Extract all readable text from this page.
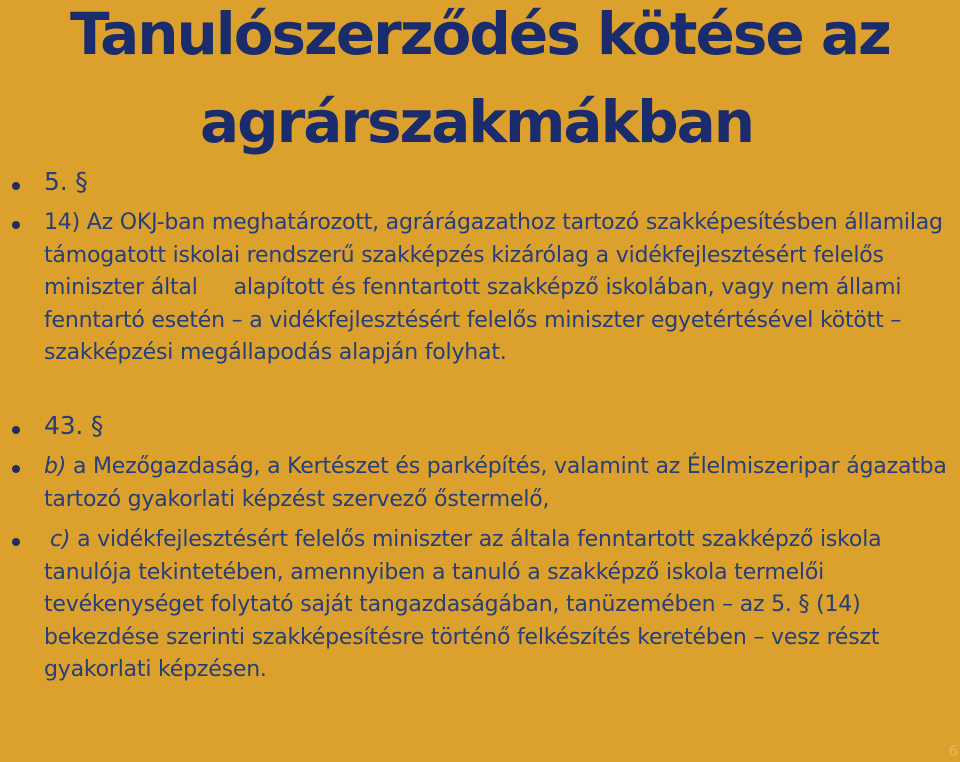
Tanulószerződés kötése az
agrárszakmákban
5. §
14) Az OKJ-ban meghatározott, agrárágazathoz tartozó szakképesítésben államilag támogatott iskolai rendszerű szakképzés kizárólag a vidékfejlesztésért felelős miniszter által alapított és fenntartott szakképző iskolában, vagy nem állami fenntartó esetén – a vidékfejlesztésért felelős miniszter egyetértésével kötött – szakképzési megállapodás alapján folyhat.
43. §
b) a Mezőgazdaság, a Kertészet és parképítés, valamint az Élelmiszeripar ágazatba tartozó gyakorlati képzést szervező őstermelő,
c) a vidékfejlesztésért felelős miniszter az általa fenntartott szakképző iskola tanulója tekintetében, amennyiben a tanuló a szakképző iskola termelői tevékenységet folytató saját tangazdaságában, tanüzemében – az 5. § (14) bekezdése szerinti szakképesítésre történő felkészítés keretében – vesz részt gyakorlati képzésen.
6
